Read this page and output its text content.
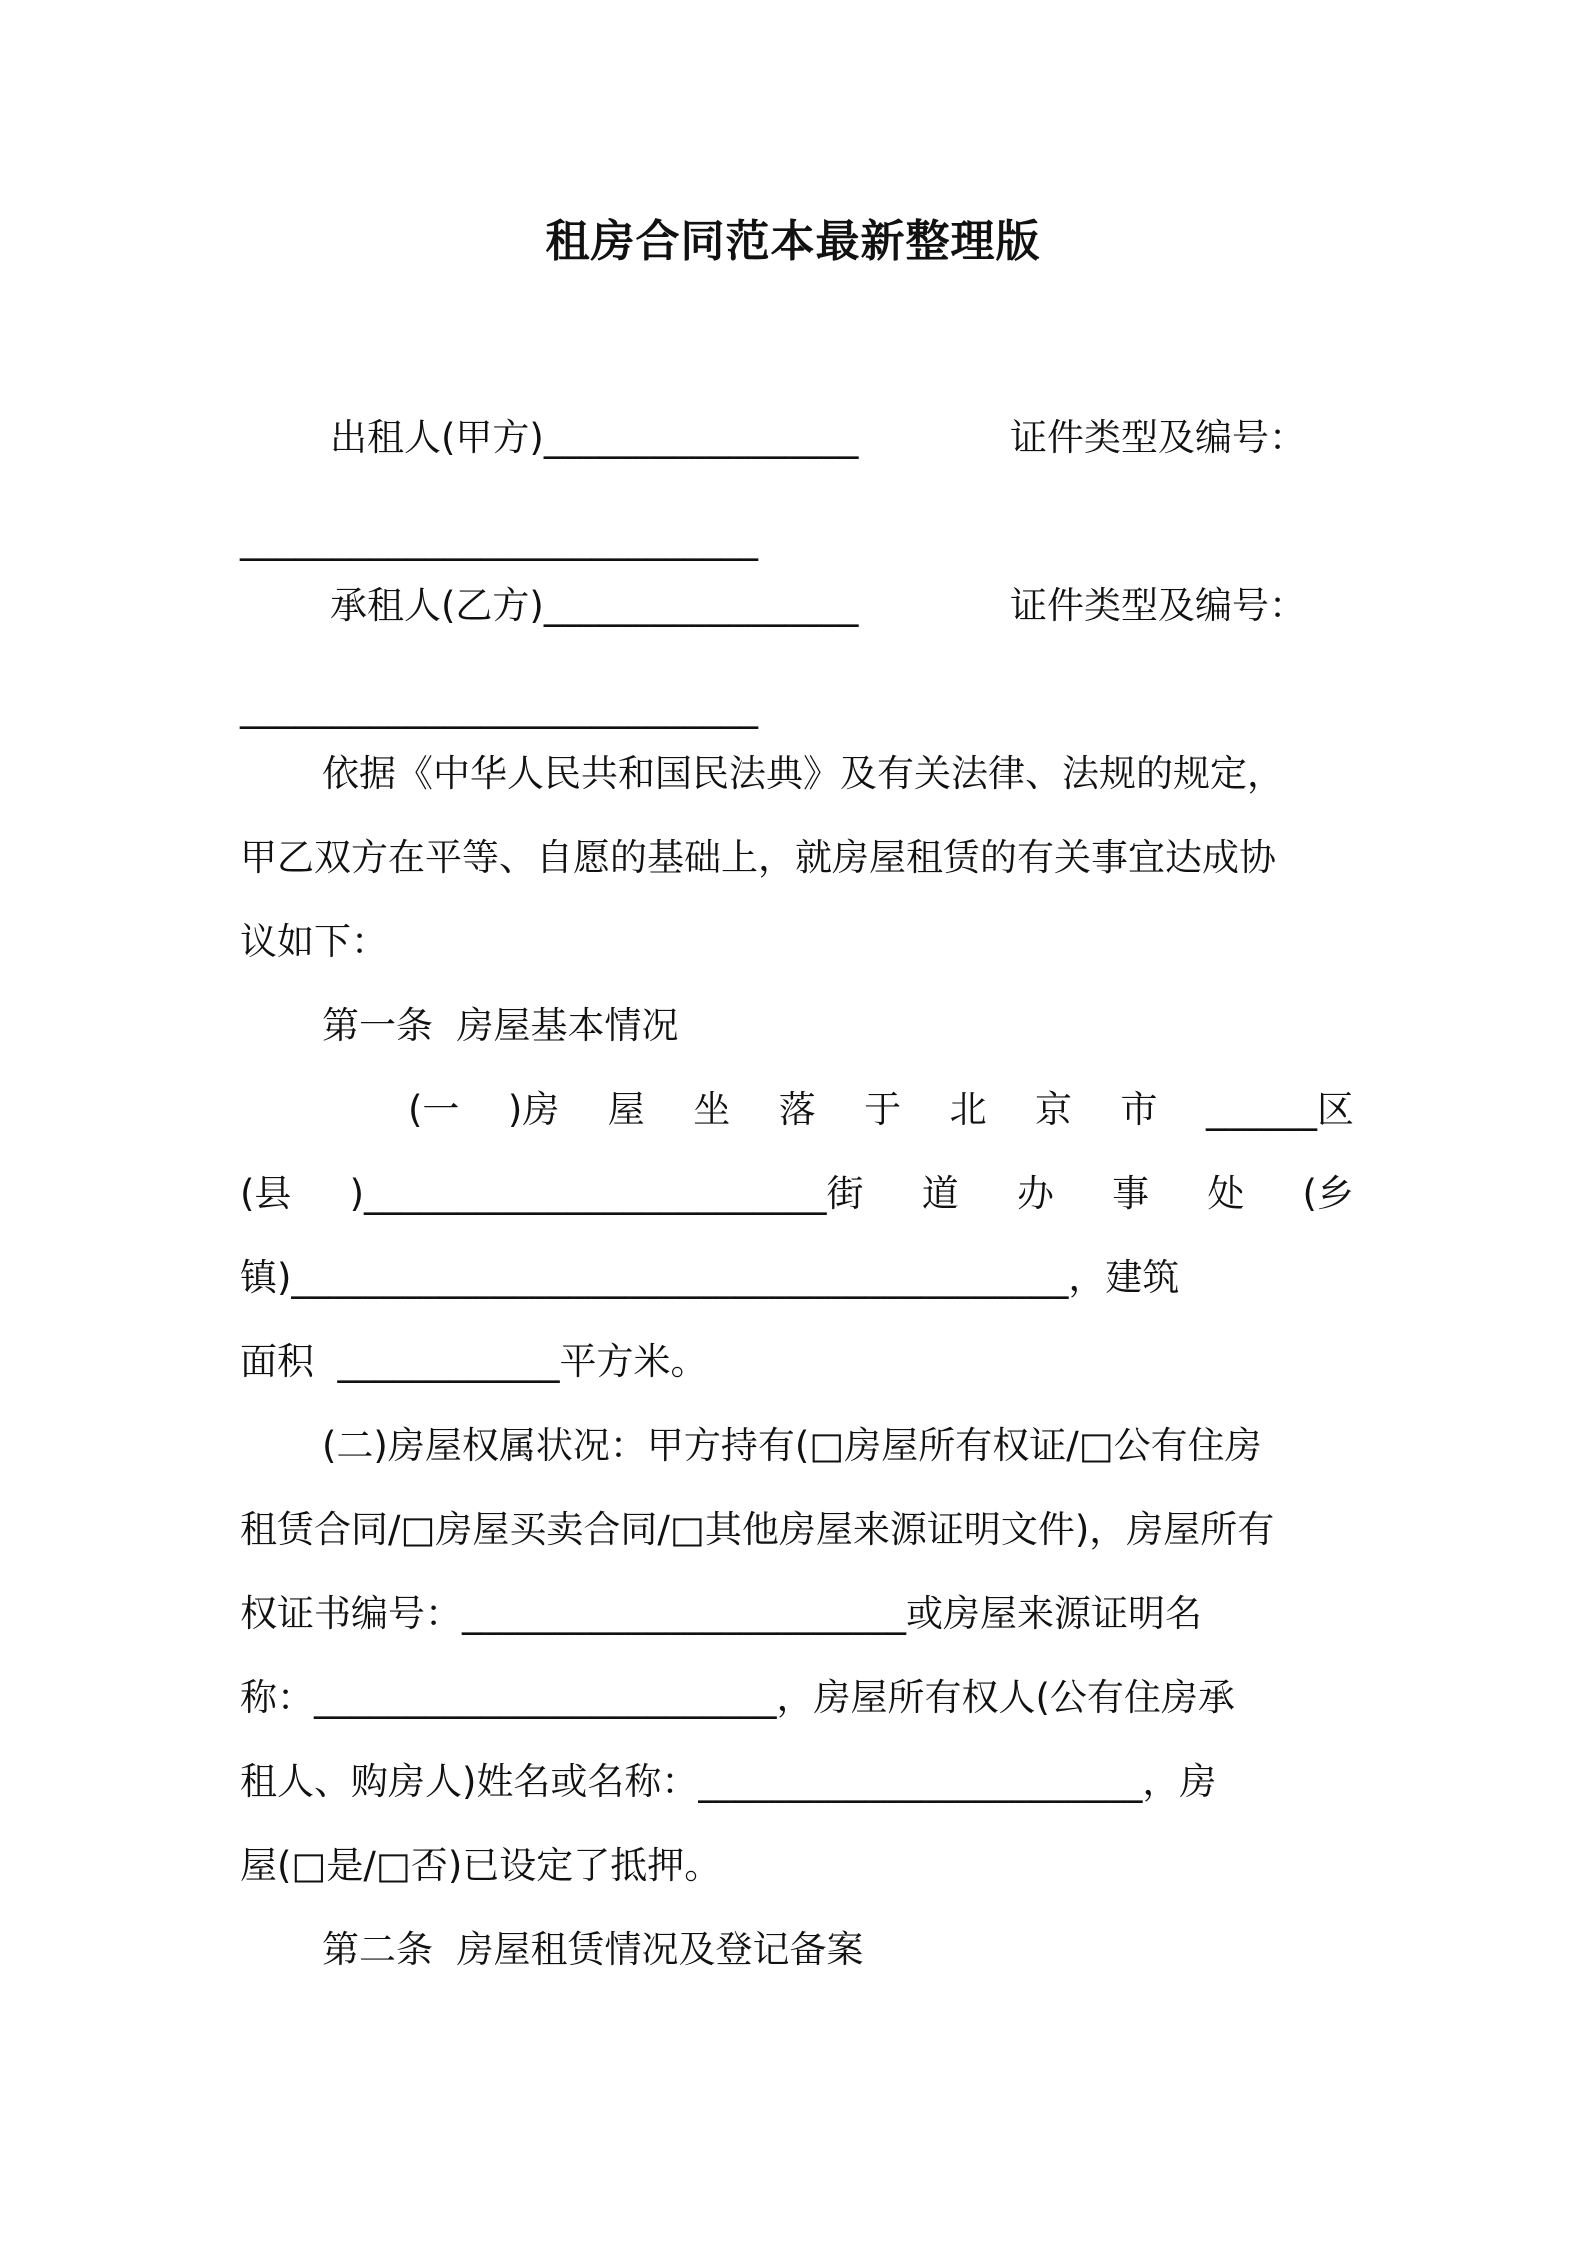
租房合同范本最新整理版
出租人(甲方)_________________	证件类型及编号：
____________________________
承租人(乙方)_________________	证件类型及编号：
____________________________
依据《中华人民共和国民法典》及有关法律、法规的规定，
甲乙双方在平等、自愿的基础上，就房屋租赁的有关事宜达成协
议如下：
第一条  房屋基本情况
(一 )房 屋 坐 落 于 北 京 市 ______区
(县 )_________________________街 道 办 事 处 (乡
镇)__________________________________________，建筑
面积  ____________平方米。
(二)房屋权属状况：甲方持有(□房屋所有权证/□公有住房
租赁合同/□房屋买卖合同/□其他房屋来源证明文件)，房屋所有
权证书编号：________________________或房屋来源证明名
称：_________________________，房屋所有权人(公有住房承
租人、购房人)姓名或名称：________________________，房
屋(□是/□否)已设定了抵押。
第二条  房屋租赁情况及登记备案
